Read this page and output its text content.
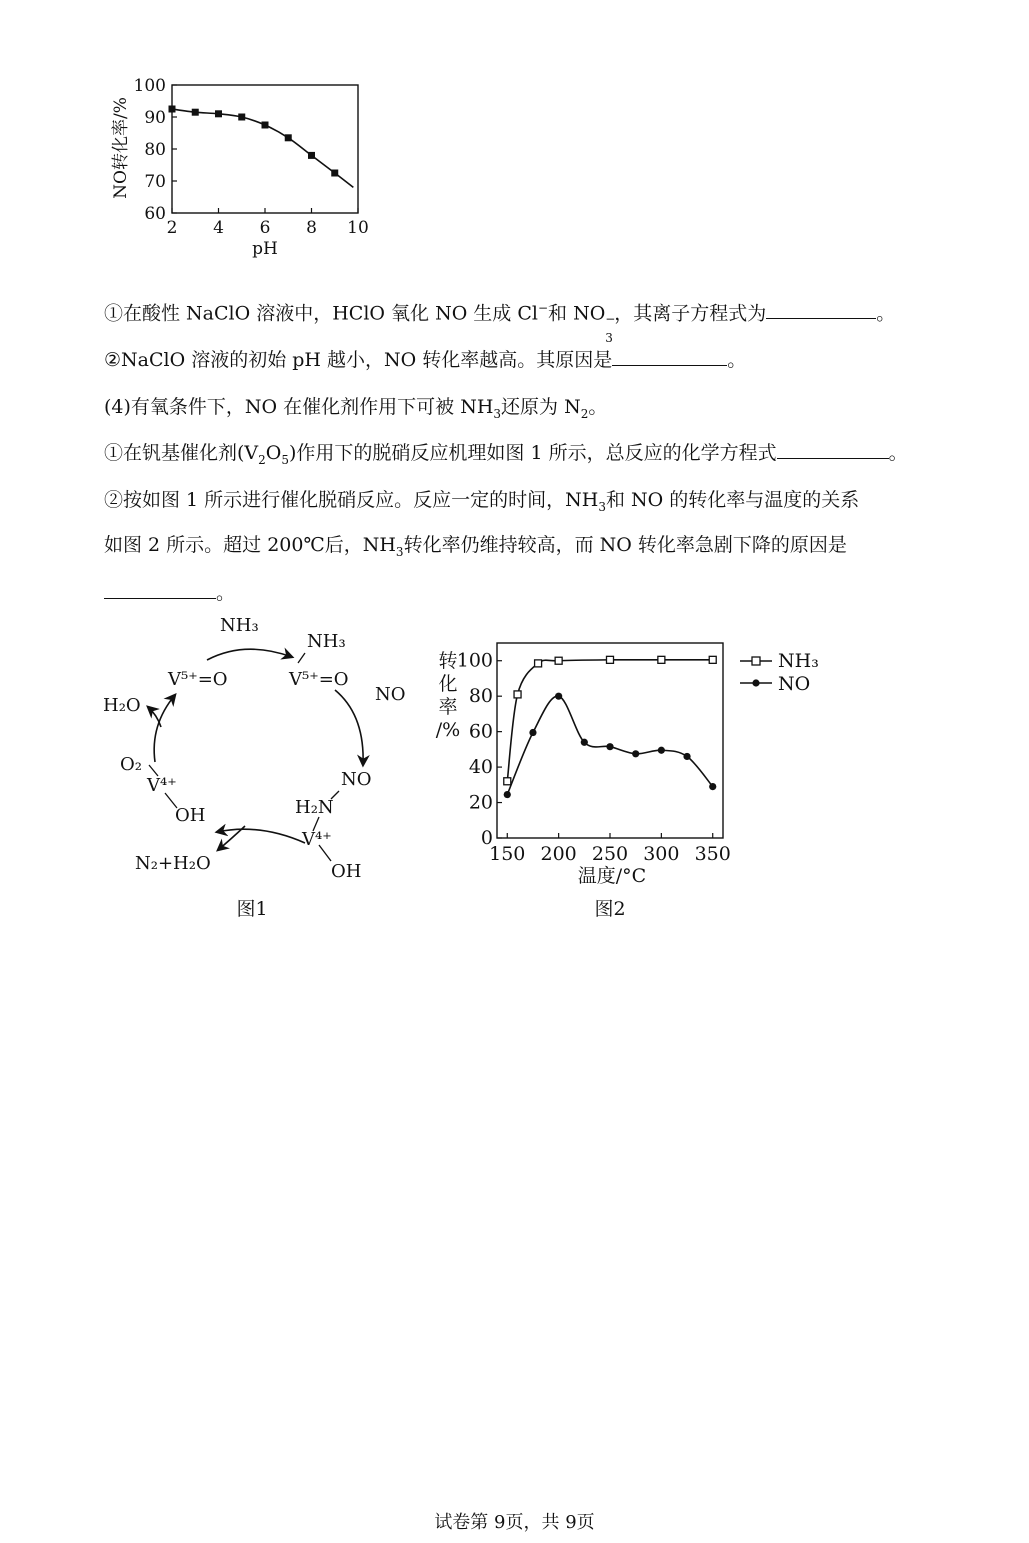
60
70
80
90
100
2 4 6 8 10
NO转化率/%
pH
①在酸性 NaClO 溶液中，HClO 氧化 NO 生成 Cl−和 NO −
3
，其离子方程式为	。
②NaClO 溶液的初始 pH 越小，NO 转化率越高。其原因是	。
(4)有氧条件下，NO 在催化剂作用下可被 $NH_3$还原为 $N_2$。
①在钒基催化剂$(V_2O_5)$作用下的脱硝反应机理如图 1 所示，总反应的化学方程式	。
②按如图 1 所示进行催化脱硝反应。反应一定的时间，$NH_3$和 NO 的转化率与温度的关系
如图 2 所示。超过 200℃后，$NH_3$转化率仍维持较高，而 NO 转化率急剧下降的原因是
。
NH₃
V⁵⁺=O
NH₃
V⁵⁺=O
NO
NO
H₂N
V⁴⁺
OH
N₂+H₂O
V⁴⁺
OH
O₂
H₂O
图1
0
20
40
60
80
100
150 200 250 300 350
转
化
率
/%
温度/°C
NH₃
NO
图2
试卷第 9页，共 9页
